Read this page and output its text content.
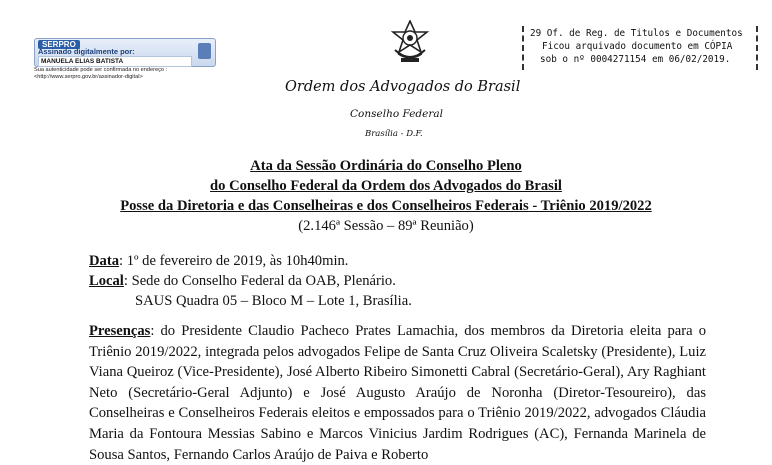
SERPRO
Assinado digitalmente por:
MANUELA ELIAS BATISTA
Sua autenticidade pode ser confirmada no endereço :
<http://www.serpro.gov.br/assinador-digital>
29 Of. de Reg. de Titulos e Documentos
Ficou arquivado documento em CÓPIA
sob o nº 0004271154 em 06/02/2019.
Ordem dos Advogados do Brasil
Conselho Federal
Brasília - D.F.
Ata da Sessão Ordinária do Conselho Pleno
do Conselho Federal da Ordem dos Advogados do Brasil
Posse da Diretoria e das Conselheiras e dos Conselheiros Federais - Triênio 2019/2022
(2.146ª Sessão – 89ª Reunião)
Data: 1º de fevereiro de 2019, às 10h40min.
Local: Sede do Conselho Federal da OAB, Plenário.
SAUS Quadra 05 – Bloco M – Lote 1, Brasília.
Presenças: do Presidente Claudio Pacheco Prates Lamachia, dos membros da Diretoria eleita para o Triênio 2019/2022, integrada pelos advogados Felipe de Santa Cruz Oliveira Scaletsky (Presidente), Luiz Viana Queiroz (Vice-Presidente), José Alberto Ribeiro Simonetti Cabral (Secretário-Geral), Ary Raghiant Neto (Secretário-Geral Adjunto) e José Augusto Araújo de Noronha (Diretor-Tesoureiro), das Conselheiras e Conselheiros Federais eleitos e empossados para o Triênio 2019/2022, advogados Cláudia Maria da Fontoura Messias Sabino e Marcos Vinicius Jardim Rodrigues (AC), Fernanda Marinela de Sousa Santos, Fernando Carlos Araújo de Paiva e Roberto
